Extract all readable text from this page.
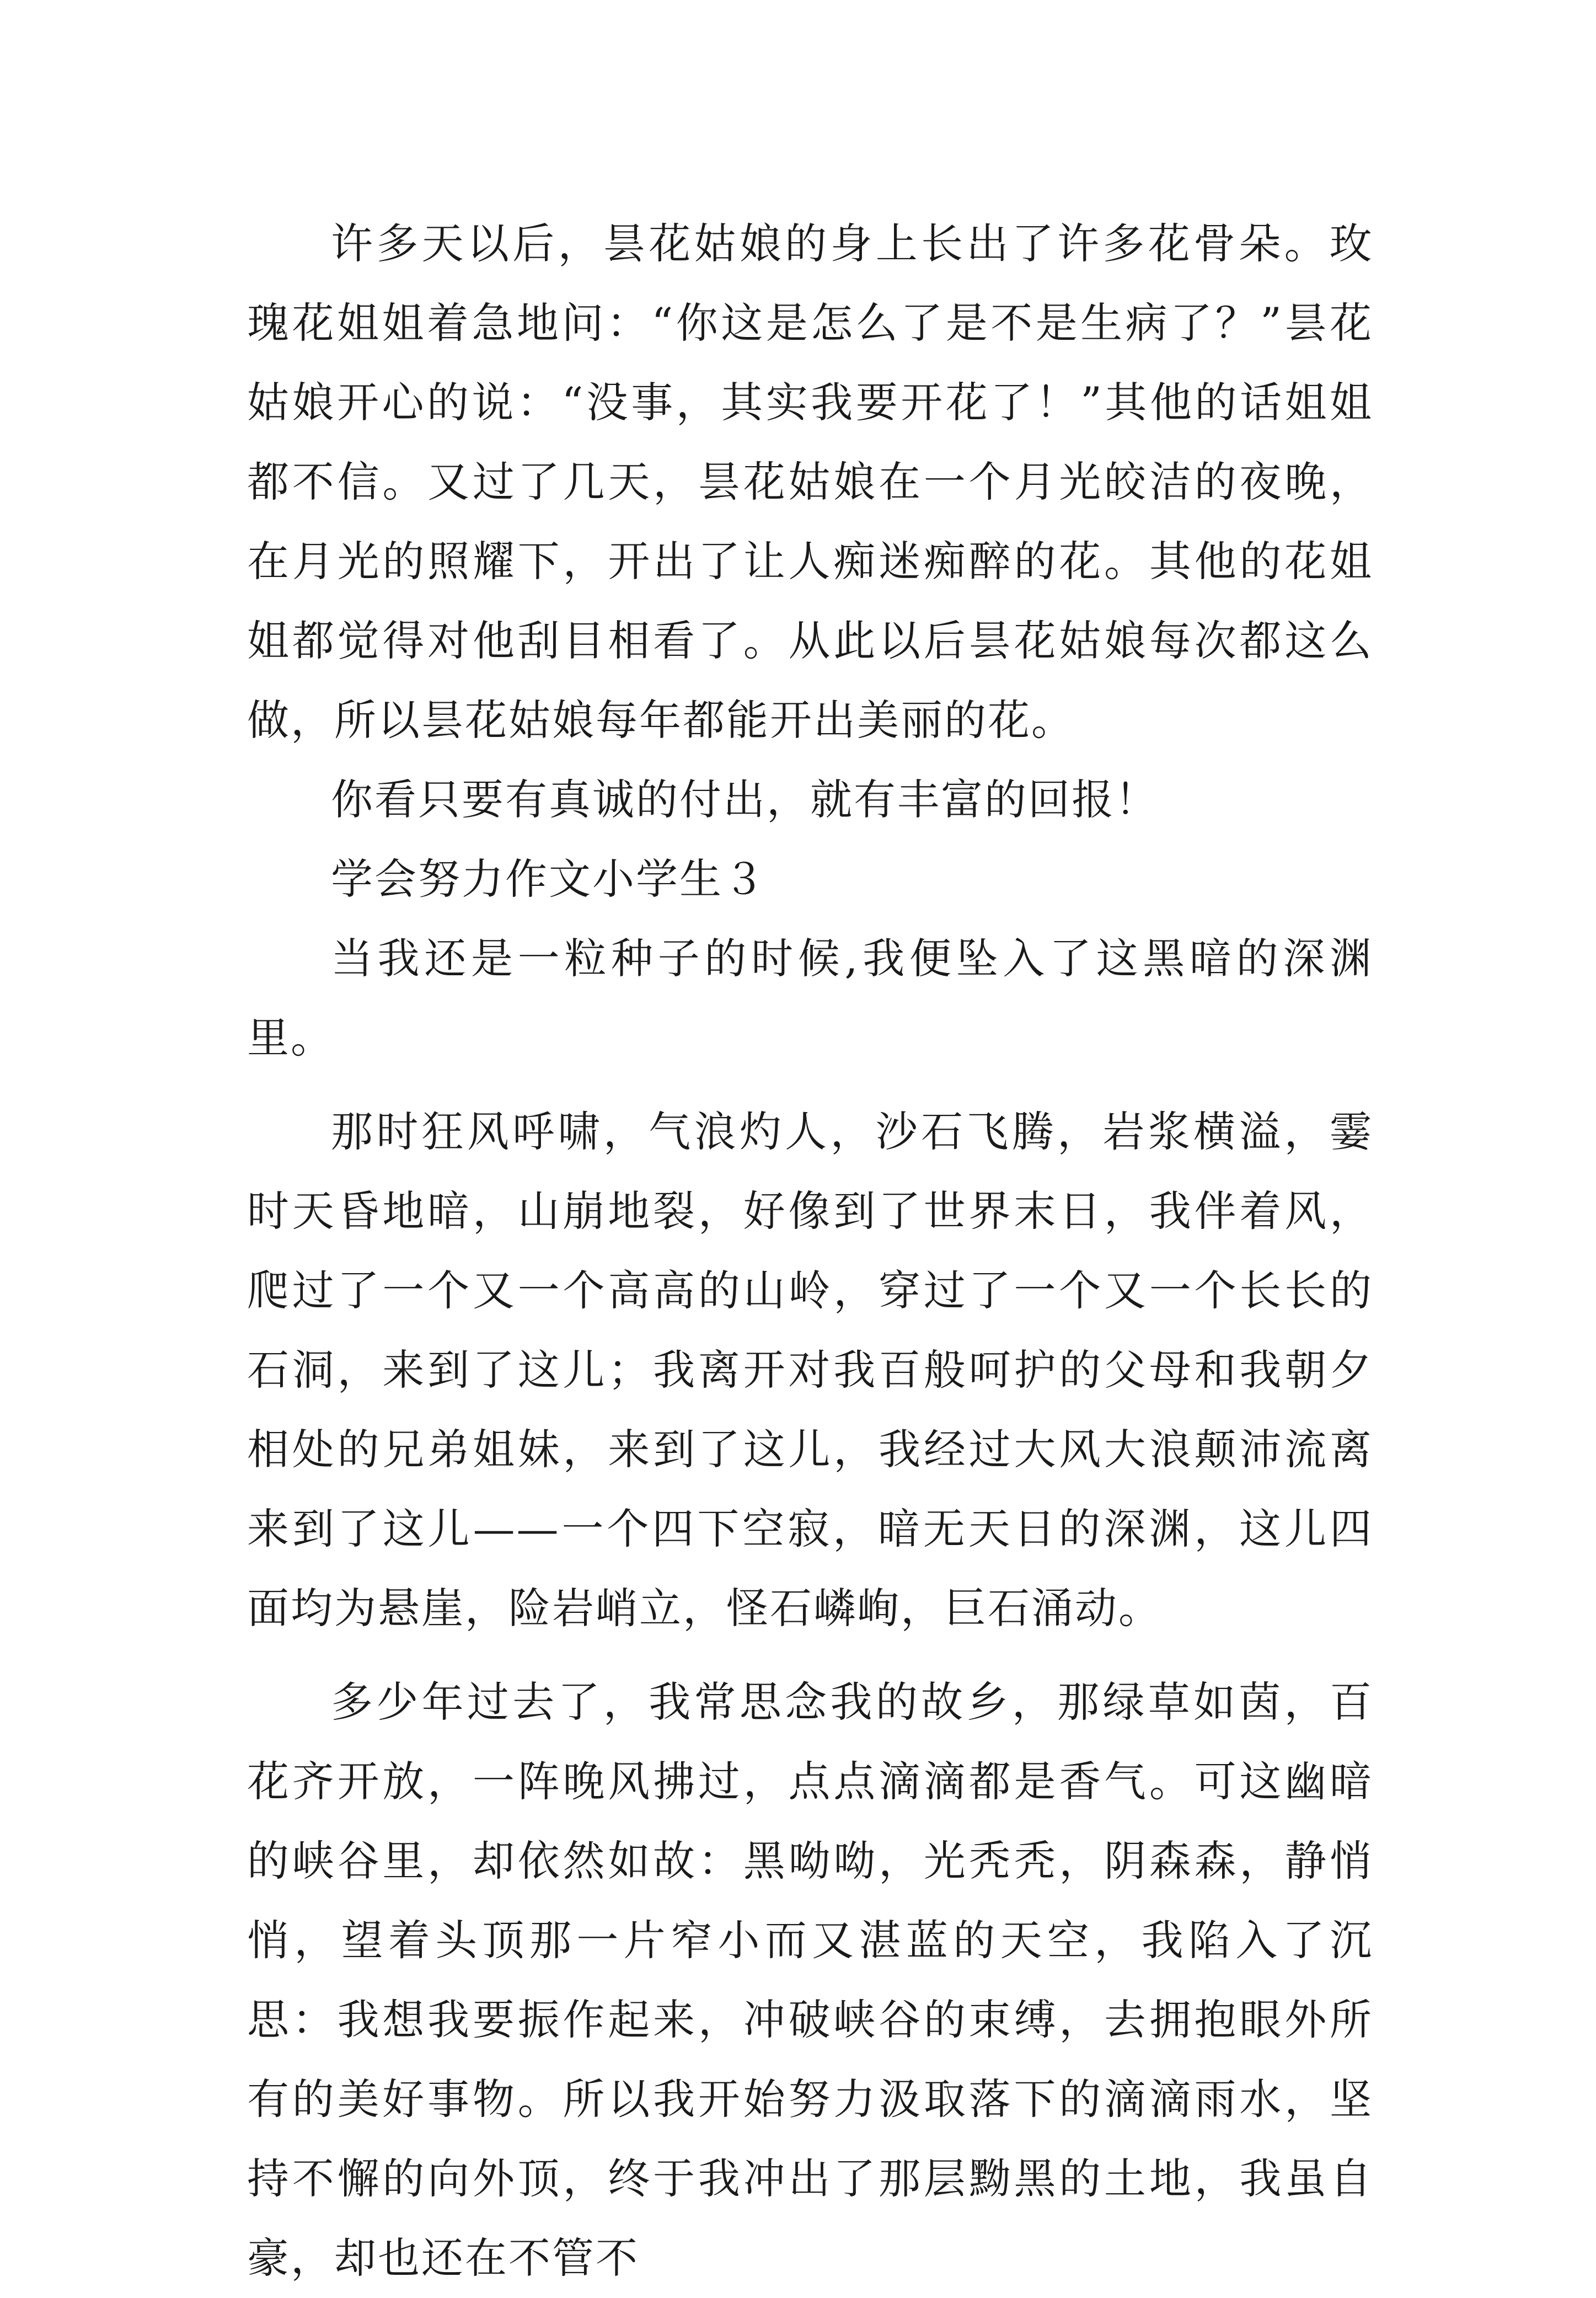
许多天以后，昙花姑娘的身上长出了许多花骨朵。玫瑰花姐姐着急地问：“你这是怎么了是不是生病了？”昙花姑娘开心的说：“没事，其实我要开花了！”其他的话姐姐都不信。又过了几天，昙花姑娘在一个月光皎洁的夜晚，在月光的照耀下，开出了让人痴迷痴醉的花。其他的花姐姐都觉得对他刮目相看了。从此以后昙花姑娘每次都这么做，所以昙花姑娘每年都能开出美丽的花。

你看只要有真诚的付出，就有丰富的回报！

学会努力作文小学生３

当我还是一粒种子的时候,我便坠入了这黑暗的深渊里。

那时狂风呼啸，气浪灼人，沙石飞腾，岩浆横溢，霎时天昏地暗，山崩地裂，好像到了世界末日，我伴着风，爬过了一个又一个高高的山岭，穿过了一个又一个长长的石洞，来到了这儿；我离开对我百般呵护的父母和我朝夕相处的兄弟姐妹，来到了这儿，我经过大风大浪颠沛流离来到了这儿——一个四下空寂，暗无天日的深渊，这儿四面均为悬崖，险岩峭立，怪石嶙峋，巨石涌动。

多少年过去了，我常思念我的故乡，那绿草如茵，百花齐开放，一阵晚风拂过，点点滴滴都是香气。可这幽暗的峡谷里，却依然如故：黑呦呦，光秃秃，阴森森，静悄悄，望着头顶那一片窄小而又湛蓝的天空，我陷入了沉思：我想我要振作起来，冲破峡谷的束缚，去拥抱眼外所有的美好事物。所以我开始努力汲取落下的滴滴雨水，坚持不懈的向外顶，终于我冲出了那层黝黑的土地，我虽自豪，却也还在不管不
